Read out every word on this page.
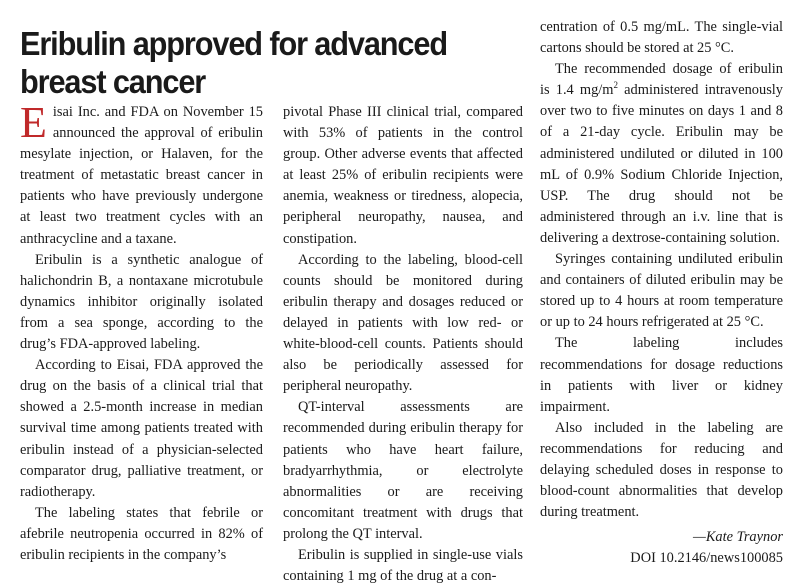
Eribulin approved for advanced breast cancer

Eisai Inc. and FDA on November 15 announced the approval of eribulin mesylate injection, or Halaven, for the treatment of metastatic breast cancer in patients who have previously undergone at least two treatment cycles with an anthracycline and a taxane.

Eribulin is a synthetic analogue of halichondrin B, a nontaxane microtubule dynamics inhibitor originally isolated from a sea sponge, according to the drug’s FDA-approved labeling.

According to Eisai, FDA approved the drug on the basis of a clinical trial that showed a 2.5-month increase in median survival time among patients treated with eribulin instead of a physician-selected comparator drug, palliative treatment, or radiotherapy.

The labeling states that febrile or afebrile neutropenia occurred in 82% of eribulin recipients in the company’s

pivotal Phase III clinical trial, compared with 53% of patients in the control group. Other adverse events that affected at least 25% of eribulin recipients were anemia, weakness or tiredness, alopecia, peripheral neuropathy, nausea, and constipation.

According to the labeling, blood-cell counts should be monitored during eribulin therapy and dosages reduced or delayed in patients with low red- or white-blood-cell counts. Patients should also be periodically assessed for peripheral neuropathy.

QT-interval assessments are recommended during eribulin therapy for patients who have heart failure, bradyarrhythmia, or electrolyte abnormalities or are receiving concomitant treatment with drugs that prolong the QT interval.

Eribulin is supplied in single-use vials containing 1 mg of the drug at a con-

centration of 0.5 mg/mL. The single-vial cartons should be stored at 25 °C.

The recommended dosage of eribulin is 1.4 $mg/m^2$ administered intravenously over two to five minutes on days 1 and 8 of a 21-day cycle. Eribulin may be administered undiluted or diluted in 100 mL of 0.9% Sodium Chloride Injection, USP. The drug should not be administered through an i.v. line that is delivering a dextrose-containing solution.

Syringes containing undiluted eribulin and containers of diluted eribulin may be stored up to 4 hours at room temperature or up to 24 hours refrigerated at 25 °C.

The labeling includes recommendations for dosage reductions in patients with liver or kidney impairment.

Also included in the labeling are recommendations for reducing and delaying scheduled doses in response to blood-count abnormalities that develop during treatment.

—Kate Traynor

DOI 10.2146/news100085
